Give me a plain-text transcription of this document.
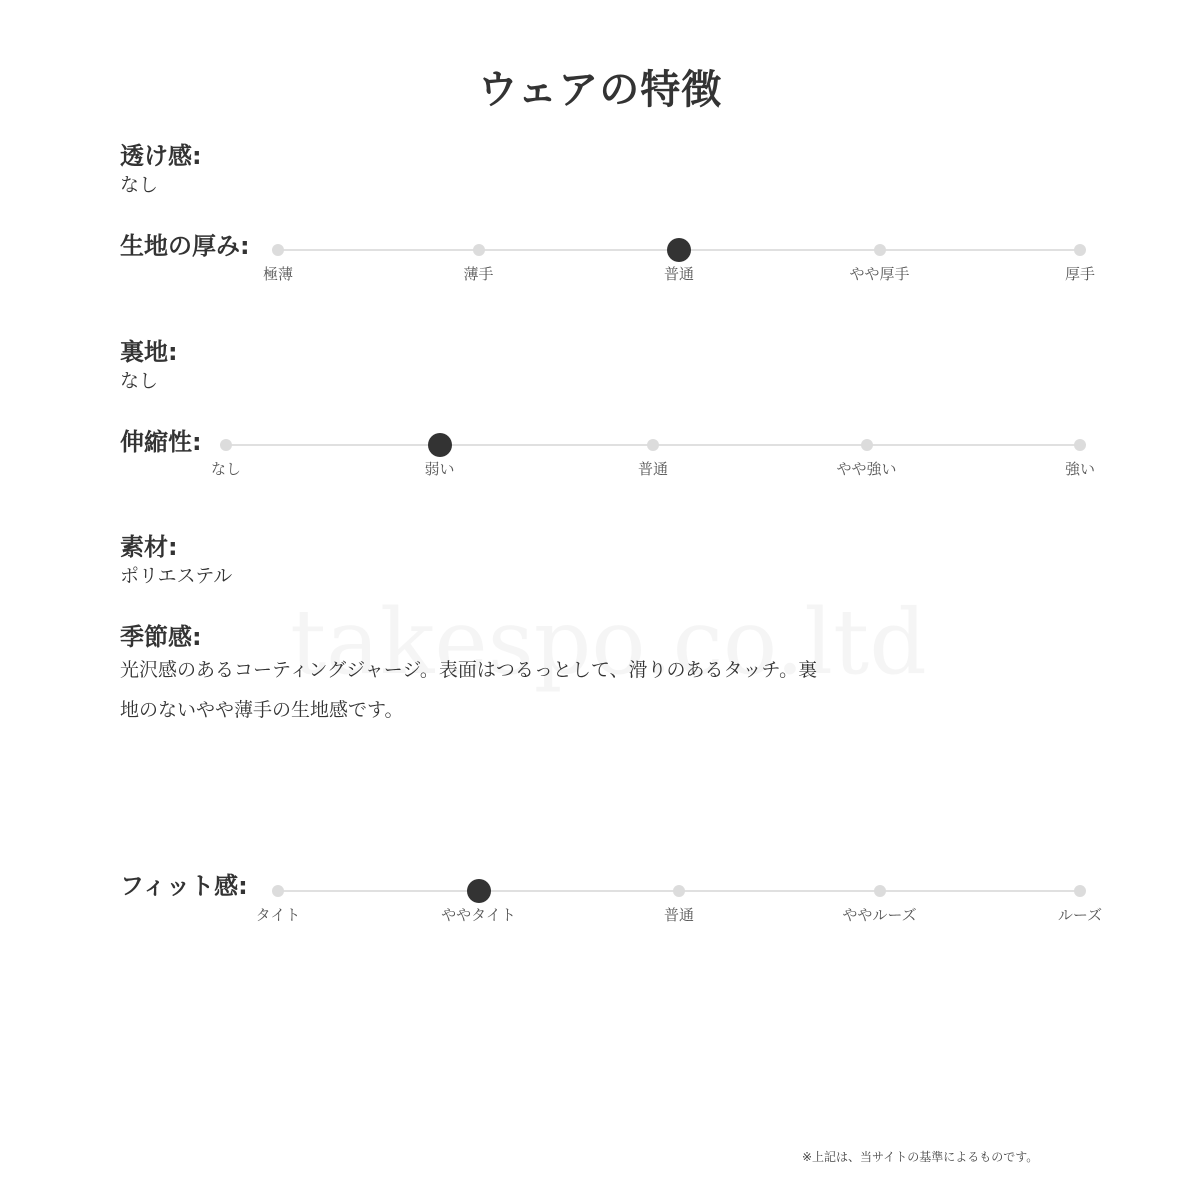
ウェアの特徴
透け感:
なし
生地の厚み:
極薄	薄手	普通	やや厚手	厚手
裏地:
なし
伸縮性:
なし	弱い	普通	やや強い	強い
素材:
ポリエステル
季節感:
光沢感のあるコーティングジャージ。表面はつるっとして、滑りのあるタッチ。裏
地のないやや薄手の生地感です。
フィット感:
タイト	ややタイト	普通	ややルーズ	ルーズ
※上記は、当サイトの基準によるものです。
